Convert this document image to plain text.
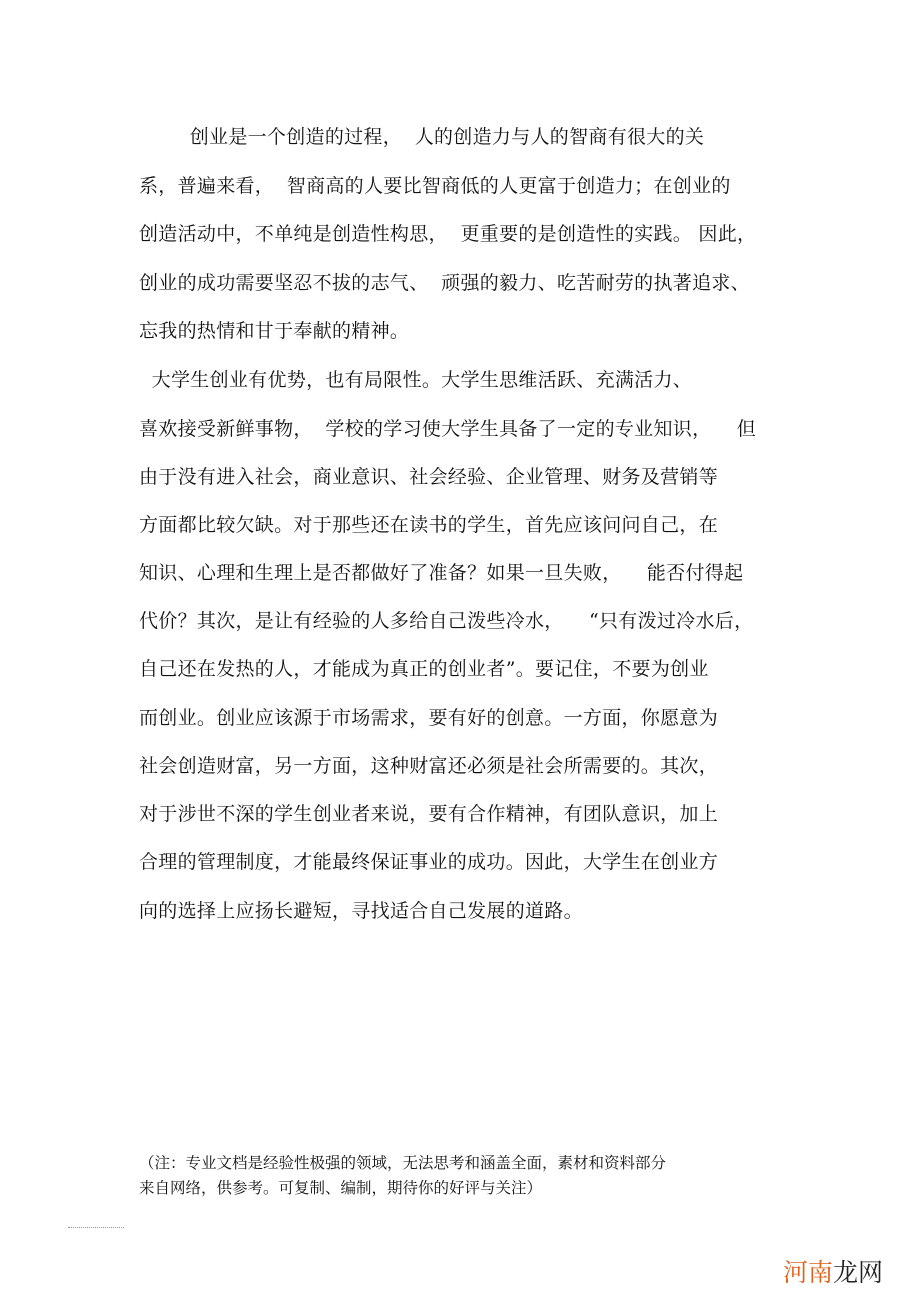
创业是一个创造的过程，  人的创造力与人的智商有很大的关
系，普遍来看，  智商高的人要比智商低的人更富于创造力；在创业的
创造活动中，不单纯是创造性构思，  更重要的是创造性的实践。 因此，
创业的成功需要坚忍不拔的志气、  顽强的毅力、吃苦耐劳的执著追求、
忘我的热情和甘于奉献的精神。
大学生创业有优势，也有局限性。大学生思维活跃、充满活力、
喜欢接受新鲜事物，  学校的学习使大学生具备了一定的专业知识，    但
由于没有进入社会，商业意识、社会经验、企业管理、财务及营销等
方面都比较欠缺。对于那些还在读书的学生，首先应该问问自己，在
知识、心理和生理上是否都做好了准备？如果一旦失败，    能否付得起
代价？其次，是让有经验的人多给自己泼些冷水，    “只有泼过冷水后，
自己还在发热的人，才能成为真正的创业者”。要记住，不要为创业
而创业。创业应该源于市场需求，要有好的创意。一方面，你愿意为
社会创造财富，另一方面，这种财富还必须是社会所需要的。其次，
对于涉世不深的学生创业者来说，要有合作精神，有团队意识，加上
合理的管理制度，才能最终保证事业的成功。因此，大学生在创业方
向的选择上应扬长避短，寻找适合自己发展的道路。
（注：专业文档是经验性极强的领域，无法思考和涵盖全面，素材和资料部分
来自网络，供参考。可复制、编制，期待你的好评与关注）
河南龙网
